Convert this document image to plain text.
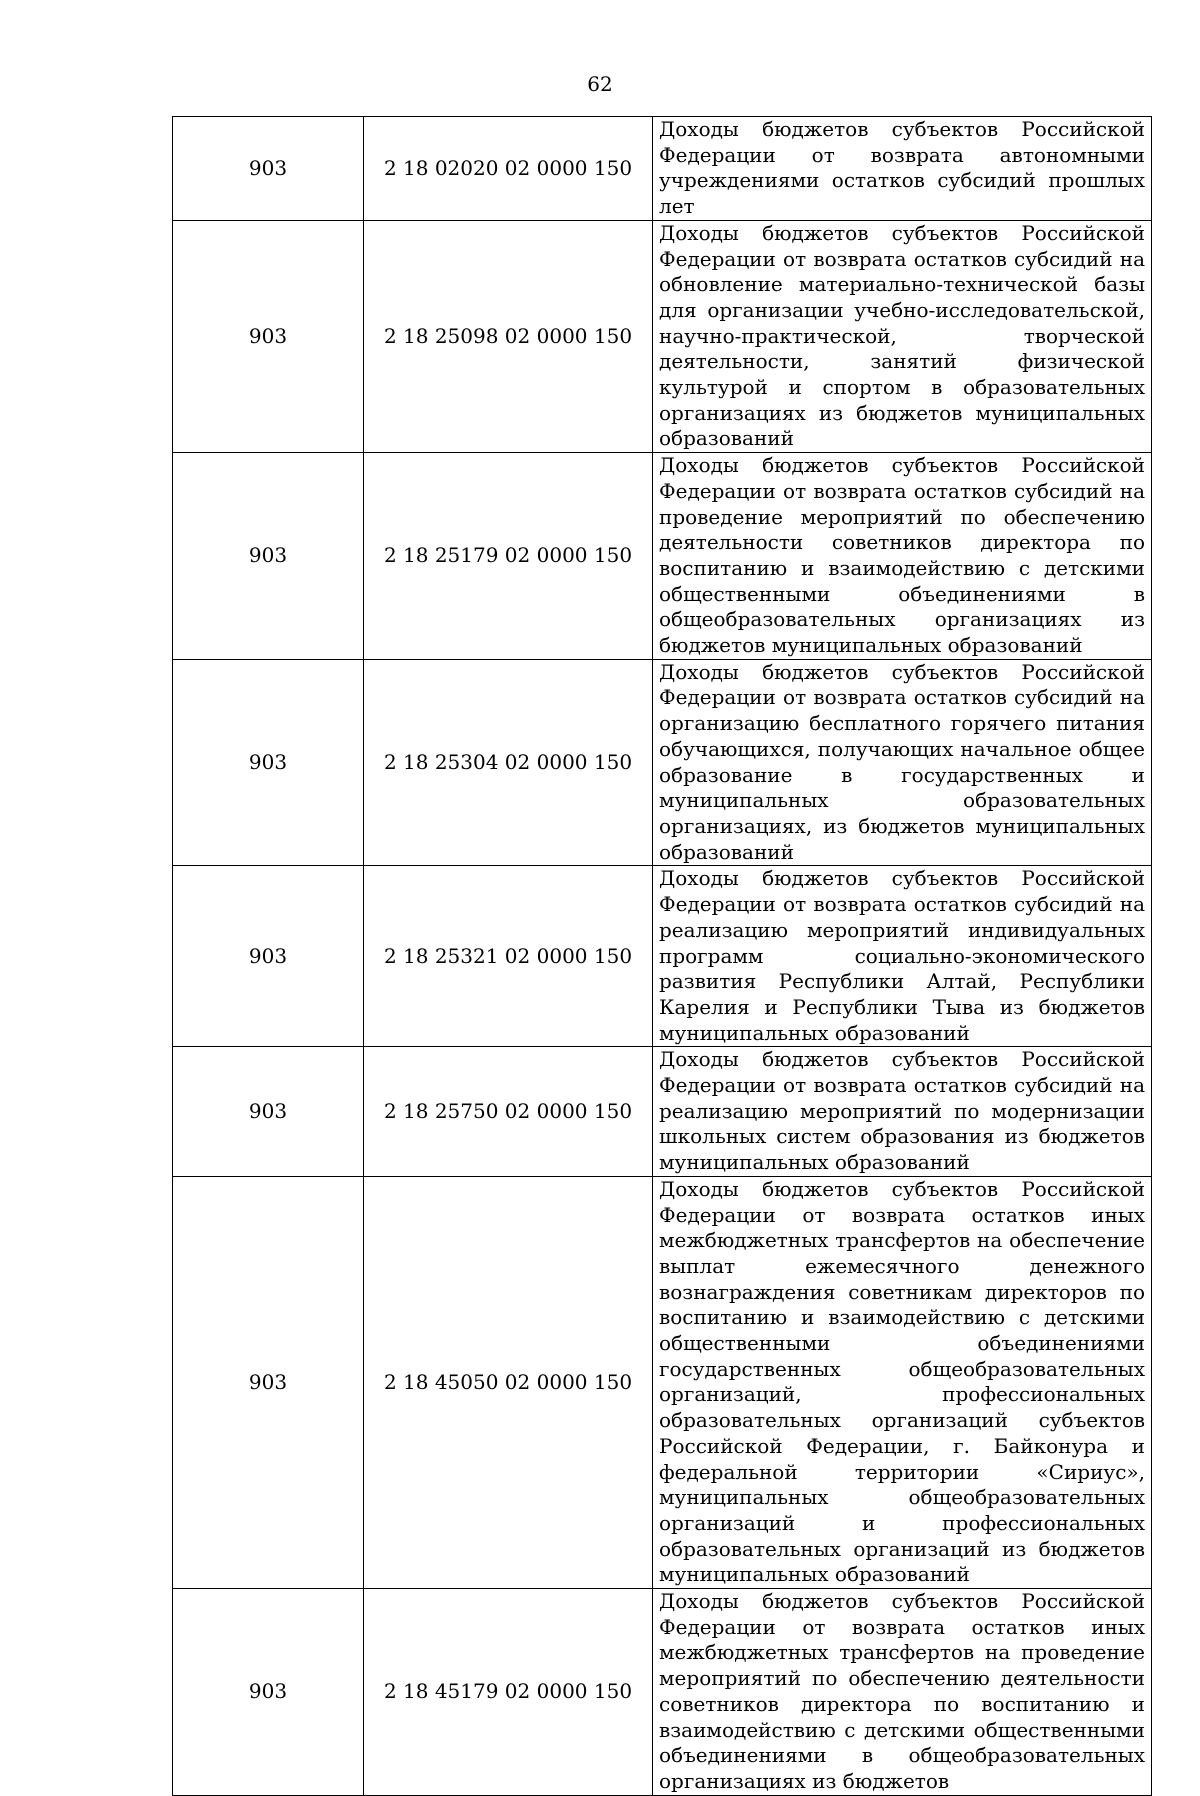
62
903	2 18 02020 02 0000 150	Доходы бюджетов субъектов Российской Федерации от возврата автономными учреждениями остатков субсидий прошлых лет
903	2 18 25098 02 0000 150	Доходы бюджетов субъектов Российской Федерации от возврата остатков субсидий на обновление материально-технической базы для организации учебно-исследовательской, научно-практической, творческой деятельности, занятий физической культурой и спортом в образовательных организациях из бюджетов муниципальных образований
903	2 18 25179 02 0000 150	Доходы бюджетов субъектов Российской Федерации от возврата остатков субсидий на проведение мероприятий по обеспечению деятельности советников директора по воспитанию и взаимодействию с детскими общественными объединениями в общеобразовательных организациях из бюджетов муниципальных образований
903	2 18 25304 02 0000 150	Доходы бюджетов субъектов Российской Федерации от возврата остатков субсидий на организацию бесплатного горячего питания обучающихся, получающих начальное общее образование в государственных и муниципальных образовательных организациях, из бюджетов муниципальных образований
903	2 18 25321 02 0000 150	Доходы бюджетов субъектов Российской Федерации от возврата остатков субсидий на реализацию мероприятий индивидуальных программ социально-экономического развития Республики Алтай, Республики Карелия и Республики Тыва из бюджетов муниципальных образований
903	2 18 25750 02 0000 150	Доходы бюджетов субъектов Российской Федерации от возврата остатков субсидий на реализацию мероприятий по модернизации школьных систем образования из бюджетов муниципальных образований
903	2 18 45050 02 0000 150	Доходы бюджетов субъектов Российской Федерации от возврата остатков иных межбюджетных трансфертов на обеспечение выплат ежемесячного денежного вознаграждения советникам директоров по воспитанию и взаимодействию с детскими общественными объединениями государственных общеобразовательных организаций, профессиональных образовательных организаций субъектов Российской Федерации, г. Байконура и федеральной территории «Сириус», муниципальных общеобразовательных организаций и профессиональных образовательных организаций из бюджетов муниципальных образований
903	2 18 45179 02 0000 150	Доходы бюджетов субъектов Российской Федерации от возврата остатков иных межбюджетных трансфертов на проведение мероприятий по обеспечению деятельности советников директора по воспитанию и взаимодействию с детскими общественными объединениями в общеобразовательных организациях из бюджетов
